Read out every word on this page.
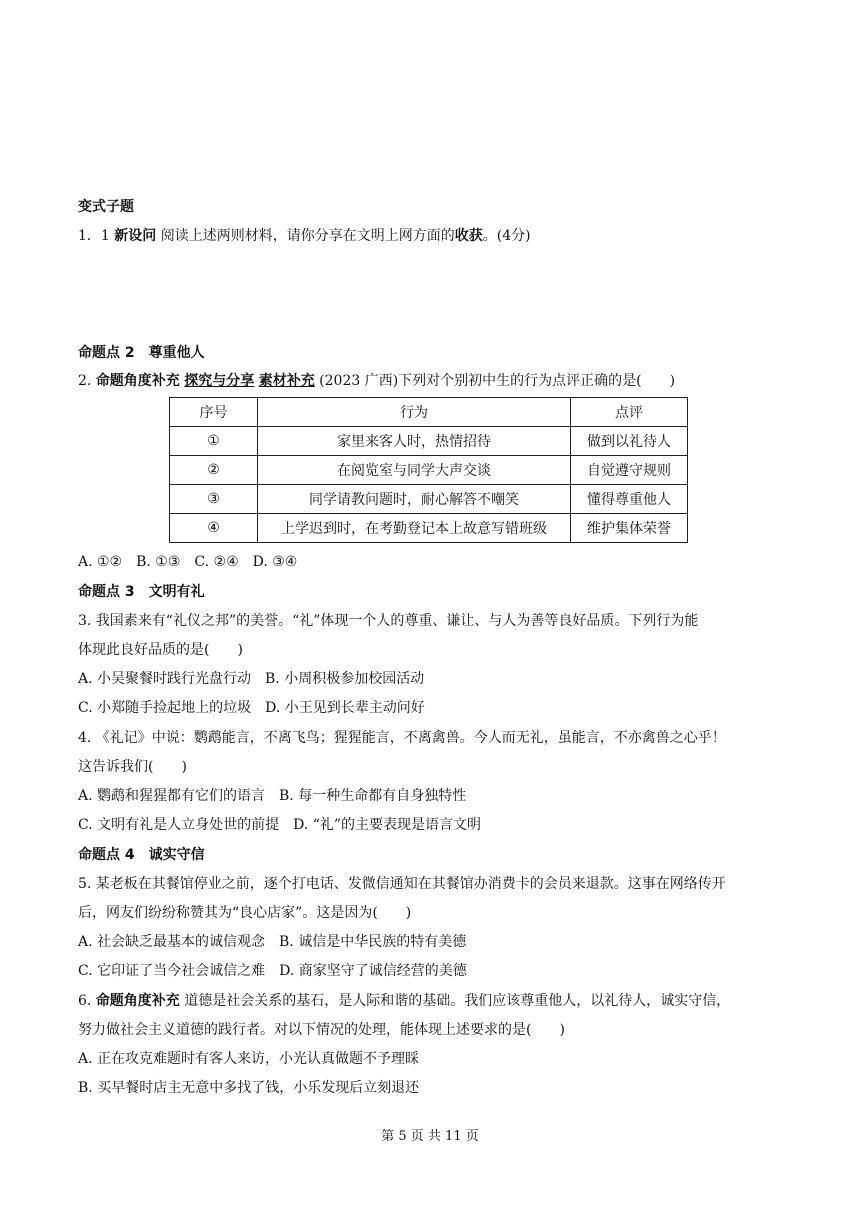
变式子题
1．1 新设问 阅读上述两则材料，请你分享在文明上网方面的收获。(4分)
命题点 2　尊重他人
2. 命题角度补充 探究与分享 素材补充 (2023 广西)下列对个别初中生的行为点评正确的是(　　)
序号	行为	点评
①	家里来客人时，热情招待	做到以礼待人
②	在阅览室与同学大声交谈	自觉遵守规则
③	同学请教问题时，耐心解答不嘲笑	懂得尊重他人
④	上学迟到时，在考勤登记本上故意写错班级	维护集体荣誉
A. ①②　B. ①③　C. ②④　D. ③④
命题点 3　文明有礼
3. 我国素来有“礼仪之邦”的美誉。“礼”体现一个人的尊重、谦让、与人为善等良好品质。下列行为能
体现此良好品质的是(　　)
A. 小吴聚餐时践行光盘行动　B. 小周积极参加校园活动
C. 小郑随手捡起地上的垃圾　D. 小王见到长辈主动问好
4. 《礼记》中说：鹦鹉能言，不离飞鸟；猩猩能言，不离禽兽。今人而无礼，虽能言，不亦禽兽之心乎！
这告诉我们(　　)
A. 鹦鹉和猩猩都有它们的语言　B. 每一种生命都有自身独特性
C. 文明有礼是人立身处世的前提　D. “礼”的主要表现是语言文明
命题点 4　诚实守信
5. 某老板在其餐馆停业之前，逐个打电话、发微信通知在其餐馆办消费卡的会员来退款。这事在网络传开
后，网友们纷纷称赞其为“良心店家”。这是因为(　　)
A. 社会缺乏最基本的诚信观念　B. 诚信是中华民族的特有美德
C. 它印证了当今社会诚信之难　D. 商家坚守了诚信经营的美德
6. 命题角度补充 道德是社会关系的基石，是人际和谐的基础。我们应该尊重他人，以礼待人，诚实守信，
努力做社会主义道德的践行者。对以下情况的处理，能体现上述要求的是(　　)
A. 正在攻克难题时有客人来访，小光认真做题不予理睬
B. 买早餐时店主无意中多找了钱，小乐发现后立刻退还
第 5 页 共 11 页
